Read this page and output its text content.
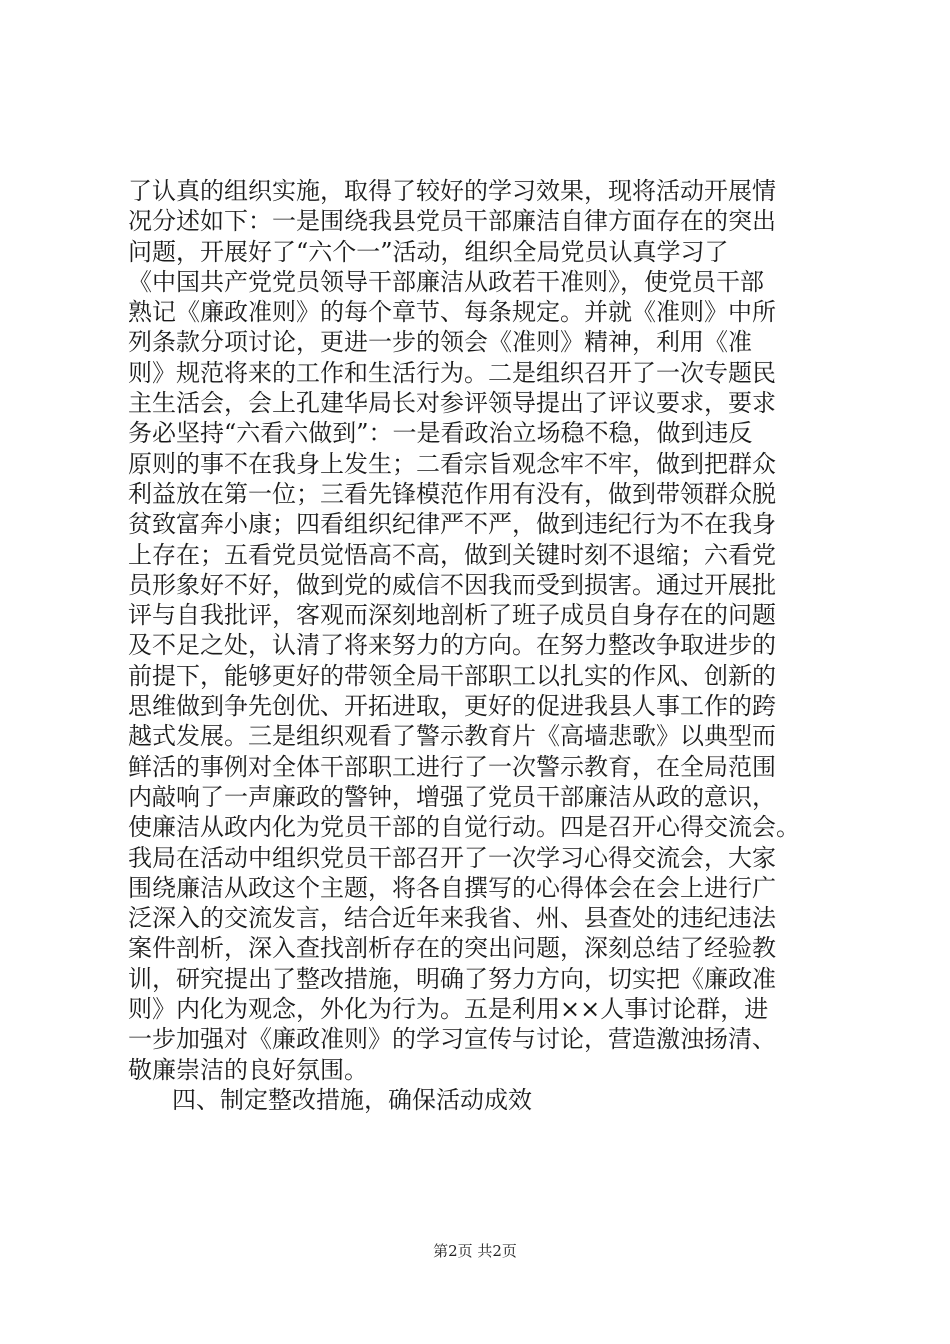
了认真的组织实施，取得了较好的学习效果，现将活动开展情
况分述如下：一是围绕我县党员干部廉洁自律方面存在的突出
问题，开展好了“六个一”活动，组织全局党员认真学习了
《中国共产党党员领导干部廉洁从政若干准则》，使党员干部
熟记《廉政准则》的每个章节、每条规定。并就《准则》中所
列条款分项讨论，更进一步的领会《准则》精神，利用《准
则》规范将来的工作和生活行为。二是组织召开了一次专题民
主生活会，会上孔建华局长对参评领导提出了评议要求，要求
务必坚持“六看六做到”：一是看政治立场稳不稳，做到违反
原则的事不在我身上发生；二看宗旨观念牢不牢，做到把群众
利益放在第一位；三看先锋模范作用有没有，做到带领群众脱
贫致富奔小康；四看组织纪律严不严，做到违纪行为不在我身
上存在；五看党员觉悟高不高，做到关键时刻不退缩；六看党
员形象好不好，做到党的威信不因我而受到损害。通过开展批
评与自我批评，客观而深刻地剖析了班子成员自身存在的问题
及不足之处，认清了将来努力的方向。在努力整改争取进步的
前提下，能够更好的带领全局干部职工以扎实的作风、创新的
思维做到争先创优、开拓进取，更好的促进我县人事工作的跨
越式发展。三是组织观看了警示教育片《高墙悲歌》以典型而
鲜活的事例对全体干部职工进行了一次警示教育，在全局范围
内敲响了一声廉政的警钟，增强了党员干部廉洁从政的意识，
使廉洁从政内化为党员干部的自觉行动。四是召开心得交流会。
我局在活动中组织党员干部召开了一次学习心得交流会，大家
围绕廉洁从政这个主题，将各自撰写的心得体会在会上进行广
泛深入的交流发言，结合近年来我省、州、县查处的违纪违法
案件剖析，深入查找剖析存在的突出问题，深刻总结了经验教
训，研究提出了整改措施，明确了努力方向，切实把《廉政准
则》内化为观念，外化为行为。五是利用××人事讨论群，进
一步加强对《廉政准则》的学习宣传与讨论，营造激浊扬清、
敬廉崇洁的良好氛围。
四、制定整改措施，确保活动成效
第2页 共2页
